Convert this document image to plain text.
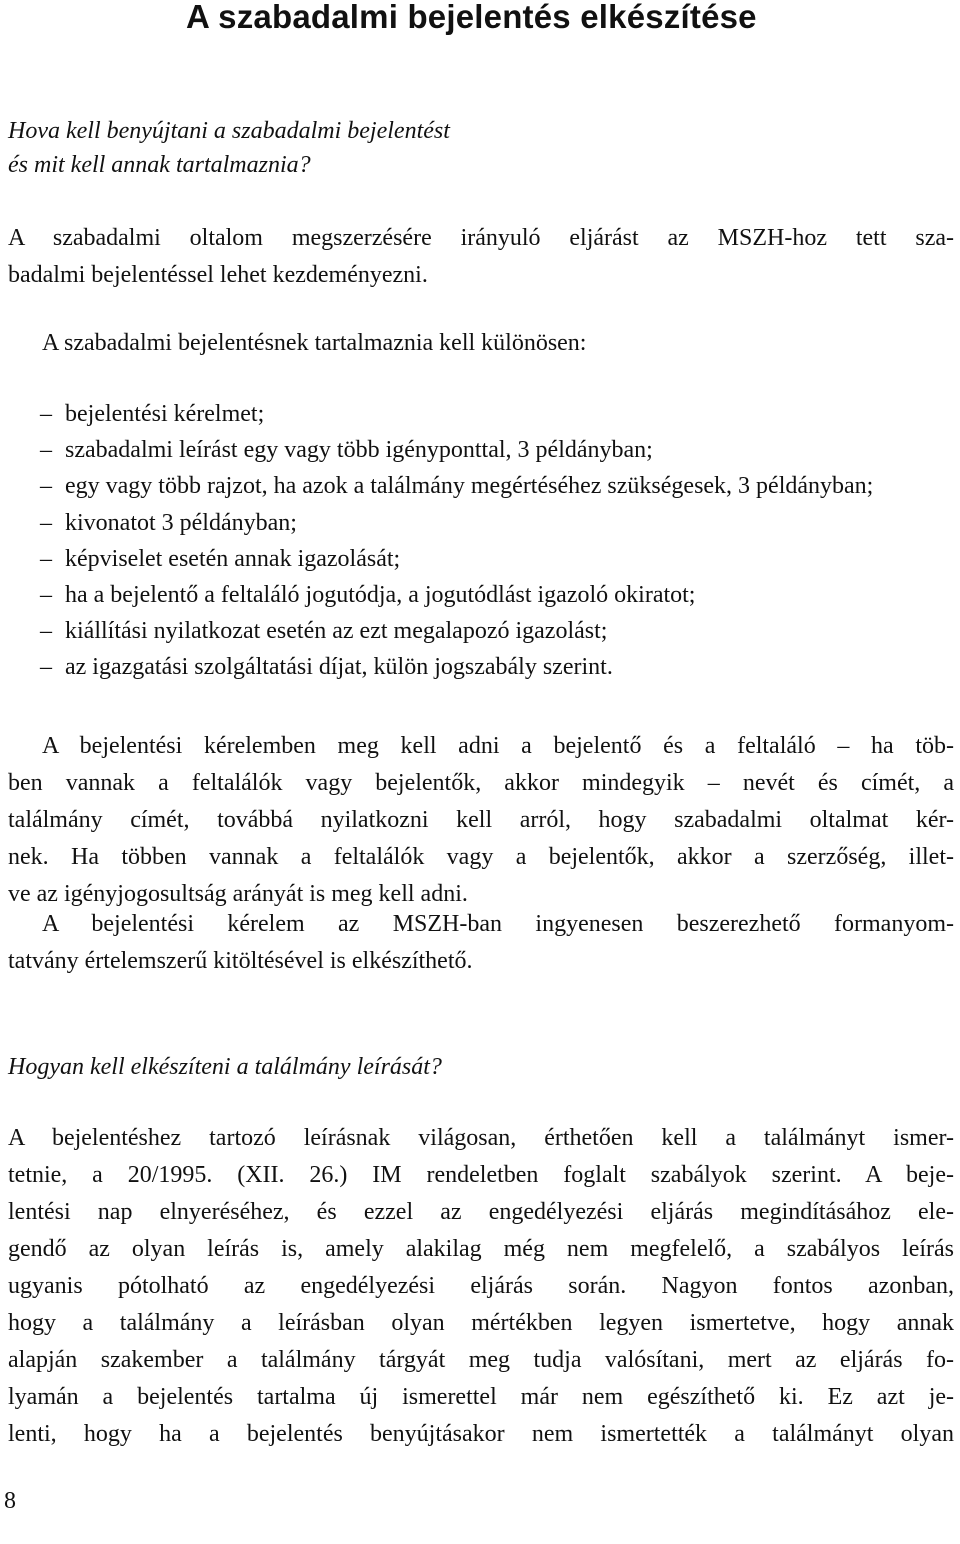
A szabadalmi bejelentés elkészítése
Hova kell benyújtani a szabadalmi bejelentést
és mit kell annak tartalmaznia?

A szabadalmi oltalom megszerzésére irányuló eljárást az MSZH-hoz tett sza-
badalmi bejelentéssel lehet kezdeményezni.

A szabadalmi bejelentésnek tartalmaznia kell különösen:

– bejelentési kérelmet;
– szabadalmi leírást egy vagy több igényponttal, 3 példányban;
– egy vagy több rajzot, ha azok a találmány megértéséhez szükségesek, 3 példányban;
– kivonatot 3 példányban;
– képviselet esetén annak igazolását;
– ha a bejelentő a feltaláló jogutódja, a jogutódlást igazoló okiratot;
– kiállítási nyilatkozat esetén az ezt megalapozó igazolást;
– az igazgatási szolgáltatási díjat, külön jogszabály szerint.

A bejelentési kérelemben meg kell adni a bejelentő és a feltaláló – ha töb-
ben vannak a feltalálók vagy bejelentők, akkor mindegyik – nevét és címét, a
találmány címét, továbbá nyilatkozni kell arról, hogy szabadalmi oltalmat kér-
nek. Ha többen vannak a feltalálók vagy a bejelentők, akkor a szerzőség, illet-
ve az igényjogosultság arányát is meg kell adni.

A bejelentési kérelem az MSZH-ban ingyenesen beszerezhető formanyom-
tatvány értelemszerű kitöltésével is elkészíthető.

Hogyan kell elkészíteni a találmány leírását?

A bejelentéshez tartozó leírásnak világosan, érthetően kell a találmányt ismer-
tetnie, a 20/1995. (XII. 26.) IM rendeletben foglalt szabályok szerint. A beje-
lentési nap elnyeréséhez, és ezzel az engedélyezési eljárás megindításához ele-
gendő az olyan leírás is, amely alakilag még nem megfelelő, a szabályos leírás
ugyanis pótolható az engedélyezési eljárás során. Nagyon fontos azonban,
hogy a találmány a leírásban olyan mértékben legyen ismertetve, hogy annak
alapján szakember a találmány tárgyát meg tudja valósítani, mert az eljárás fo-
lyamán a bejelentés tartalma új ismerettel már nem egészíthető ki. Ez azt je-
lenti, hogy ha a bejelentés benyújtásakor nem ismertették a találmányt olyan

8
